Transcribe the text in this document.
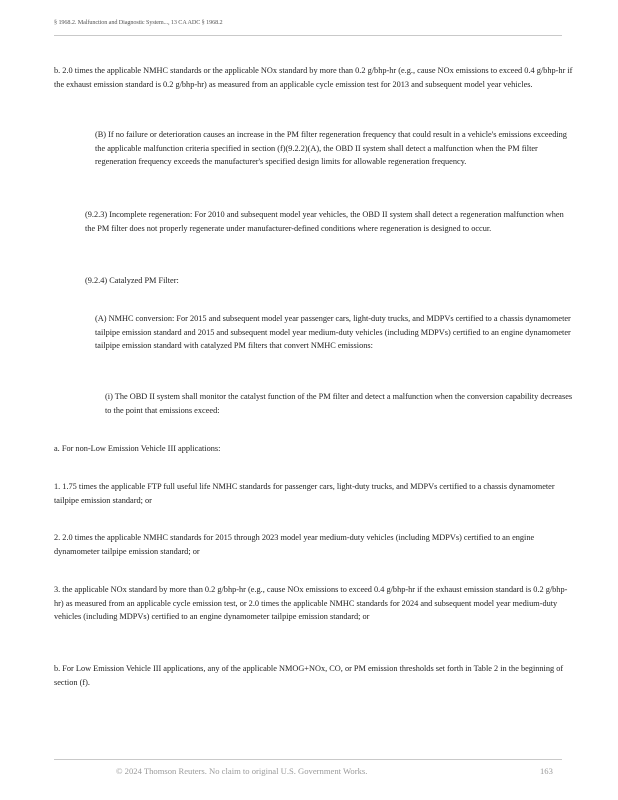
§ 1968.2. Malfunction and Diagnostic System..., 13 CA ADC § 1968.2

b. 2.0 times the applicable NMHC standards or the applicable NOx standard by more than 0.2 g/bhp-hr (e.g., cause NOx emissions to exceed 0.4 g/bhp-hr if the exhaust emission standard is 0.2 g/bhp-hr) as measured from an applicable cycle emission test for 2013 and subsequent model year vehicles.

(B) If no failure or deterioration causes an increase in the PM filter regeneration frequency that could result in a vehicle's emissions exceeding the applicable malfunction criteria specified in section (f)(9.2.2)(A), the OBD II system shall detect a malfunction when the PM filter regeneration frequency exceeds the manufacturer's specified design limits for allowable regeneration frequency.

(9.2.3) Incomplete regeneration: For 2010 and subsequent model year vehicles, the OBD II system shall detect a regeneration malfunction when the PM filter does not properly regenerate under manufacturer-defined conditions where regeneration is designed to occur.

(9.2.4) Catalyzed PM Filter:

(A) NMHC conversion: For 2015 and subsequent model year passenger cars, light-duty trucks, and MDPVs certified to a chassis dynamometer tailpipe emission standard and 2015 and subsequent model year medium-duty vehicles (including MDPVs) certified to an engine dynamometer tailpipe emission standard with catalyzed PM filters that convert NMHC emissions:

(i) The OBD II system shall monitor the catalyst function of the PM filter and detect a malfunction when the conversion capability decreases to the point that emissions exceed:

a. For non-Low Emission Vehicle III applications:

1. 1.75 times the applicable FTP full useful life NMHC standards for passenger cars, light-duty trucks, and MDPVs certified to a chassis dynamometer tailpipe emission standard; or

2. 2.0 times the applicable NMHC standards for 2015 through 2023 model year medium-duty vehicles (including MDPVs) certified to an engine dynamometer tailpipe emission standard; or

3. the applicable NOx standard by more than 0.2 g/bhp-hr (e.g., cause NOx emissions to exceed 0.4 g/bhp-hr if the exhaust emission standard is 0.2 g/bhp-hr) as measured from an applicable cycle emission test, or 2.0 times the applicable NMHC standards for 2024 and subsequent model year medium-duty vehicles (including MDPVs) certified to an engine dynamometer tailpipe emission standard; or

b. For Low Emission Vehicle III applications, any of the applicable NMOG+NOx, CO, or PM emission thresholds set forth in Table 2 in the beginning of section (f).

© 2024 Thomson Reuters. No claim to original U.S. Government Works.	163
